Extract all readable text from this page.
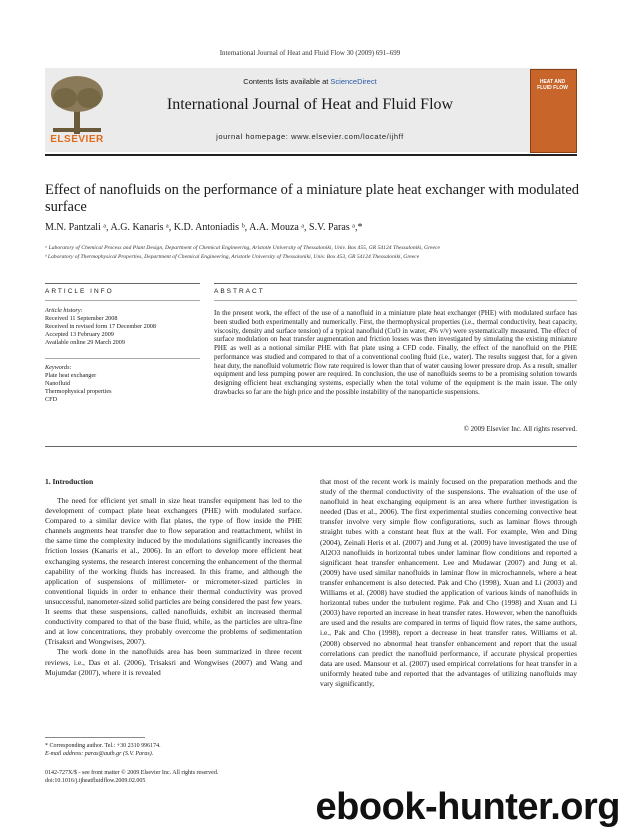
International Journal of Heat and Fluid Flow 30 (2009) 691–699
ELSEVIER
Contents lists available at ScienceDirect
International Journal of Heat and Fluid Flow
journal homepage: www.elsevier.com/locate/ijhff
HEAT AND FLUID FLOW
Effect of nanofluids on the performance of a miniature plate heat exchanger with modulated surface
M.N. Pantzali ᵃ, A.G. Kanaris ᵃ, K.D. Antoniadis ᵇ, A.A. Mouza ᵃ, S.V. Paras ᵃ,*
ᵃ Laboratory of Chemical Process and Plant Design, Department of Chemical Engineering, Aristotle University of Thessaloniki, Univ. Box 455, GR 54124 Thessaloniki, Greece
ᵇ Laboratory of Thermophysical Properties, Department of Chemical Engineering, Aristotle University of Thessaloniki, Univ. Box 453, GR 54124 Thessaloniki, Greece
ARTICLE INFO
Article history:
Received 11 September 2008
Received in revised form 17 December 2008
Accepted 13 February 2009
Available online 29 March 2009
Keywords:
Plate heat exchanger
Nanofluid
Thermophysical properties
CFD
ABSTRACT
In the present work, the effect of the use of a nanofluid in a miniature plate heat exchanger (PHE) with modulated surface has been studied both experimentally and numerically. First, the thermophysical properties (i.e., thermal conductivity, heat capacity, viscosity, density and surface tension) of a typical nanofluid (CuO in water, 4% v/v) were systematically measured. The effect of surface modulation on heat transfer augmentation and friction losses was then investigated by simulating the existing miniature PHE as well as a notional similar PHE with flat plate using a CFD code. Finally, the effect of the nanofluid on the PHE performance was studied and compared to that of a conventional cooling fluid (i.e., water). The results suggest that, for a given heat duty, the nanofluid volumetric flow rate required is lower than that of water causing lower pressure drop. As a result, smaller equipment and less pumping power are required. In conclusion, the use of nanofluids seems to be a promising solution towards designing efficient heat exchanging systems, especially when the total volume of the equipment is the main issue. The only drawbacks so far are the high price and the possible instability of the nanoparticle suspensions.
© 2009 Elsevier Inc. All rights reserved.
1. Introduction

The need for efficient yet small in size heat transfer equipment has led to the development of compact plate heat exchangers (PHE) with modulated surface. Compared to a similar device with flat plates, the type of flow inside the PHE channels augments heat transfer due to flow separation and reattachment, whilst in the same time the complexity induced by the modulations significantly increases the friction losses (Kanaris et al., 2006). In an effort to develop more efficient heat exchanging systems, the research interest concerning the enhancement of the thermal capability of the working fluids has increased. In this frame, and although the application of suspensions of millimeter- or micrometer-sized particles in conventional liquids in order to enhance their thermal conductivity was proved unsuccessful, nanometer-sized solid particles are being considered the past few years. It seems that these suspensions, called nanofluids, exhibit an increased thermal conductivity compared to that of the base fluid, while, as the particles are ultra-fine and at low concentrations, they probably overcome the problems of sedimentation (Trisaksri and Wongwises, 2007).

The work done in the nanofluids area has been summarized in three recent reviews, i.e., Das et al. (2006), Trisaksri and Wongwises (2007) and Wang and Mujumdar (2007), where it is revealed

that most of the recent work is mainly focused on the preparation methods and the study of the thermal conductivity of the suspensions. The evaluation of the use of nanofluid in heat exchanging equipment is an area where further investigation is needed (Das et al., 2006). The first experimental studies concerning convective heat transfer involve very simple flow configurations, such as laminar flows through straight tubes with a constant heat flux at the wall. For example, Wen and Ding (2004), Zeinali Heris et al. (2007) and Jung et al. (2009) have investigated the use of Al2O3 nanofluids in horizontal tubes under laminar flow conditions and reported a significant heat transfer enhancement. Lee and Mudawar (2007) and Jung et al. (2009) have used similar nanofluids in laminar flow in microchannels, where a heat transfer enhancement is also detected. Pak and Cho (1998), Xuan and Li (2003) and Williams et al. (2008) have studied the application of various kinds of nanofluids in horizontal tubes under the turbulent regime. Pak and Cho (1998) and Xuan and Li (2003) have reported an increase in heat transfer rates. However, when the nanofluids are used and the results are compared in terms of liquid flow rates, the same authors, i.e., Pak and Cho (1998), report a decrease in heat transfer rates. Williams et al. (2008) observed no abnormal heat transfer enhancement and report that the usual correlations can predict the nanofluid performance, if accurate physical properties data are used. Mansour et al. (2007) used empirical correlations for heat transfer in a uniformly heated tube and reported that the advantages of utilizing nanofluids may vary significantly,

* Corresponding author. Tel.: +30 2310 996174.
E-mail address: paras@auth.gr (S.V. Paras).
0142-727X/$ - see front matter © 2009 Elsevier Inc. All rights reserved.
doi:10.1016/j.ijheatfluidflow.2009.02.005
ebook-hunter.org
